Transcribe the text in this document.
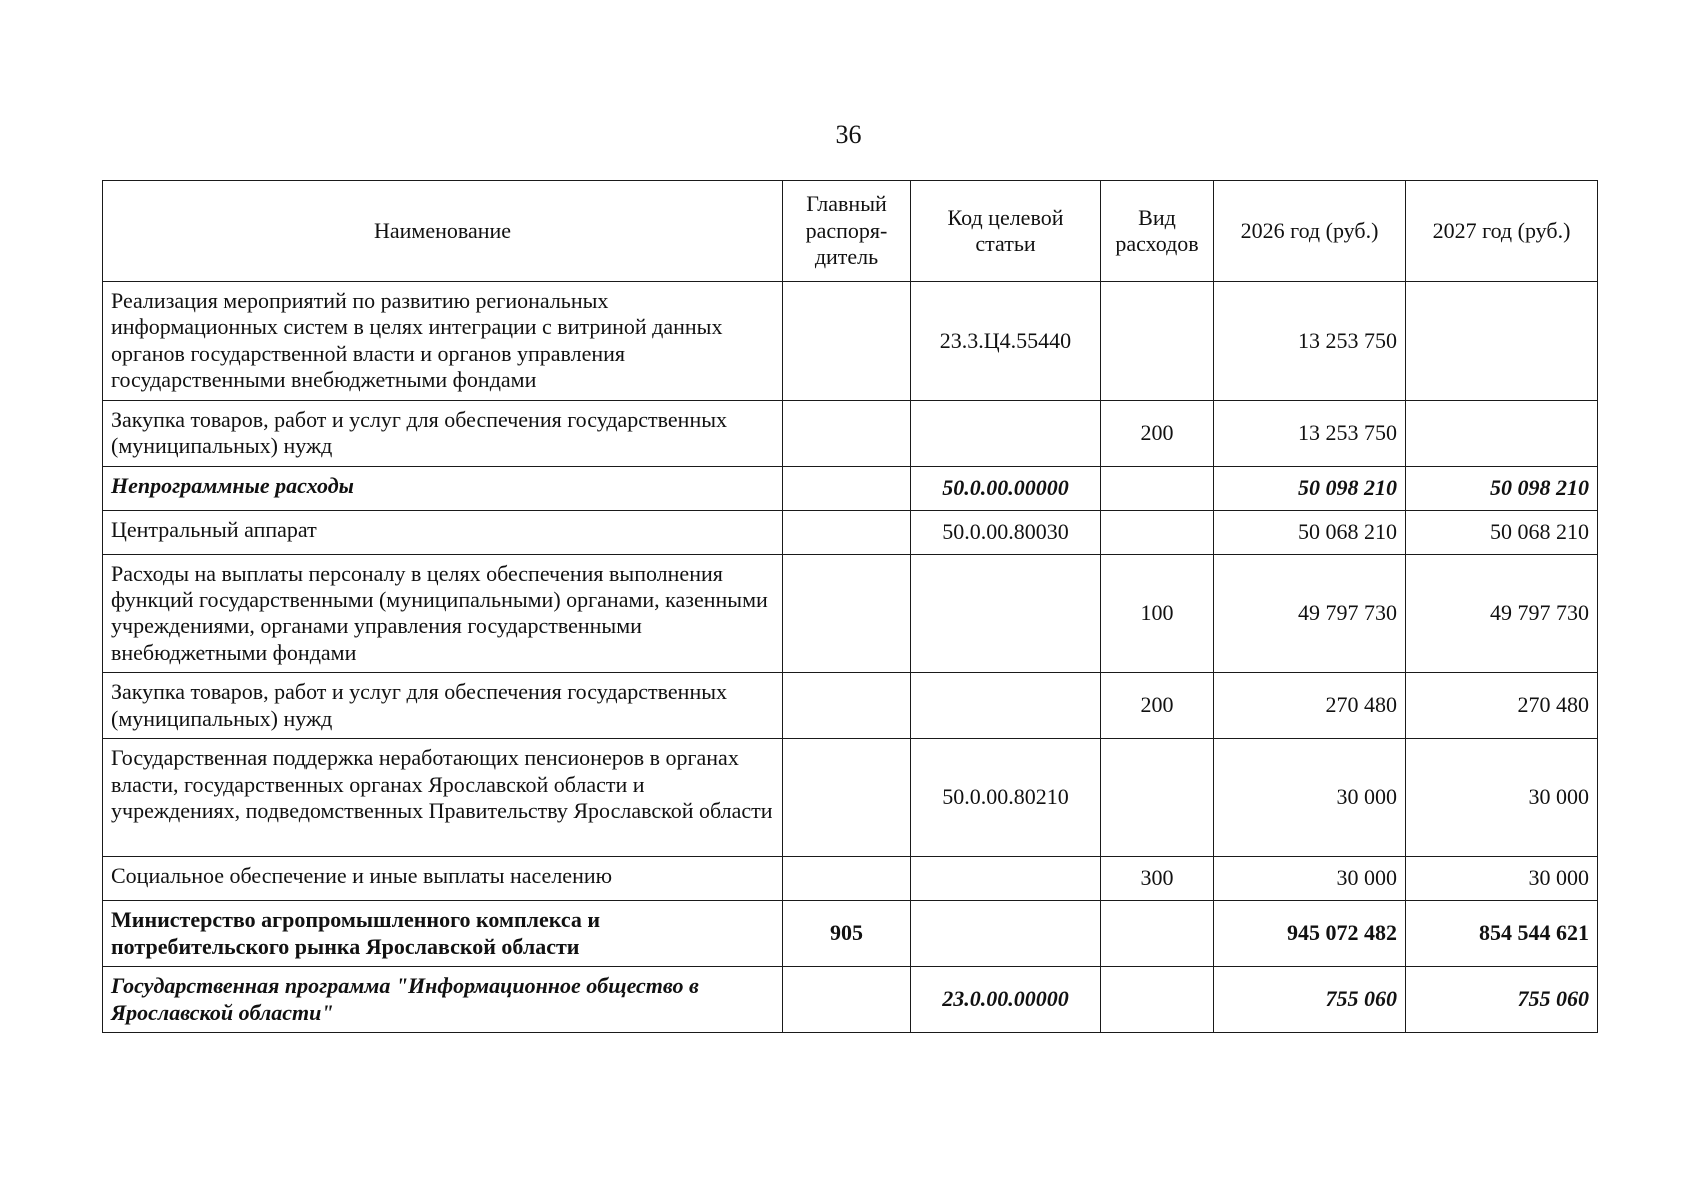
36
Наименование	Главный распоря-дитель	Код целевой статьи	Вид расходов	2026 год (руб.)	2027 год (руб.)
Реализация мероприятий по развитию региональных информационных систем в целях интеграции с витриной данных органов государственной власти и органов управления государственными внебюджетными фондами		23.3.Ц4.55440		13 253 750	
Закупка товаров, работ и услуг для обеспечения государственных (муниципальных) нужд			200	13 253 750	
Непрограммные расходы		50.0.00.00000		50 098 210	50 098 210
Центральный аппарат		50.0.00.80030		50 068 210	50 068 210
Расходы на выплаты персоналу в целях обеспечения выполнения функций государственными (муниципальными) органами, казенными учреждениями, органами управления государственными внебюджетными фондами			100	49 797 730	49 797 730
Закупка товаров, работ и услуг для обеспечения государственных (муниципальных) нужд			200	270 480	270 480
Государственная поддержка неработающих пенсионеров в органах власти, государственных органах Ярославской области и учреждениях, подведомственных Правительству Ярославской области		50.0.00.80210		30 000	30 000
Социальное обеспечение и иные выплаты населению			300	30 000	30 000
Министерство агропромышленного комплекса и потребительского рынка Ярославской области	905			945 072 482	854 544 621
Государственная программа "Информационное общество в Ярославской области"		23.0.00.00000		755 060	755 060
